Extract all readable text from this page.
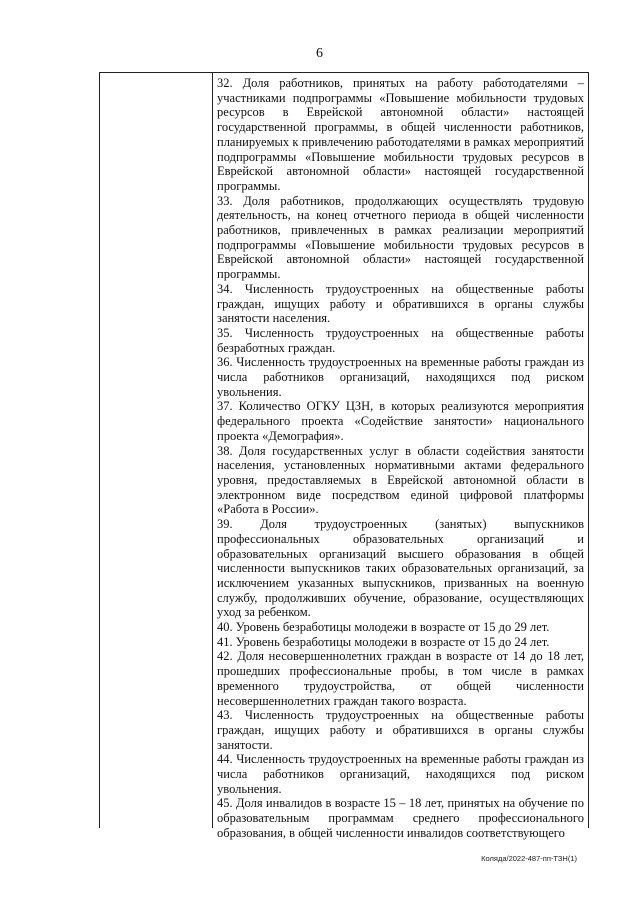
6

32. Доля работников, принятых на работу работодателями – участниками подпрограммы «Повышение мобильности трудовых ресурсов в Еврейской автономной области» настоящей государственной программы, в общей численности работников, планируемых к привлечению работодателями в рамках мероприятий подпрограммы «Повышение мобильности трудовых ресурсов в Еврейской автономной области» настоящей государственной программы.

33. Доля работников, продолжающих осуществлять трудовую деятельность, на конец отчетного периода в общей численности работников, привлеченных в рамках реализации мероприятий подпрограммы «Повышение мобильности трудовых ресурсов в Еврейской автономной области» настоящей государственной программы.

34. Численность трудоустроенных на общественные работы граждан, ищущих работу и обратившихся в органы службы занятости населения.

35. Численность трудоустроенных на общественные работы безработных граждан.

36. Численность трудоустроенных на временные работы граждан из числа работников организаций, находящихся под риском увольнения.

37. Количество ОГКУ ЦЗН, в которых реализуются мероприятия федерального проекта «Содействие занятости» национального проекта «Демография».

38. Доля государственных услуг в области содействия занятости населения, установленных нормативными актами федерального уровня, предоставляемых в Еврейской автономной области в электронном виде посредством единой цифровой платформы «Работа в России».

39. Доля трудоустроенных (занятых) выпускников профессиональных образовательных организаций и образовательных организаций высшего образования в общей численности выпускников таких образовательных организаций, за исключением указанных выпускников, призванных на военную службу, продолживших обучение, образование, осуществляющих уход за ребенком.

40. Уровень безработицы молодежи в возрасте от 15 до 29 лет.

41. Уровень безработицы молодежи в возрасте от 15 до 24 лет.

42. Доля несовершеннолетних граждан в возрасте от 14 до 18 лет, прошедших профессиональные пробы, в том числе в рамках временного трудоустройства, от общей численности несовершеннолетних граждан такого возраста.

43. Численность трудоустроенных на общественные работы граждан, ищущих работу и обратившихся в органы службы занятости.

44. Численность трудоустроенных на временные работы граждан из числа работников организаций, находящихся под риском увольнения.

45. Доля инвалидов в возрасте 15 – 18 лет, принятых на обучение по образовательным программам среднего профессионального образования, в общей численности инвалидов соответствующего

Коляда/2022-487-пп-ТЗН(1)
